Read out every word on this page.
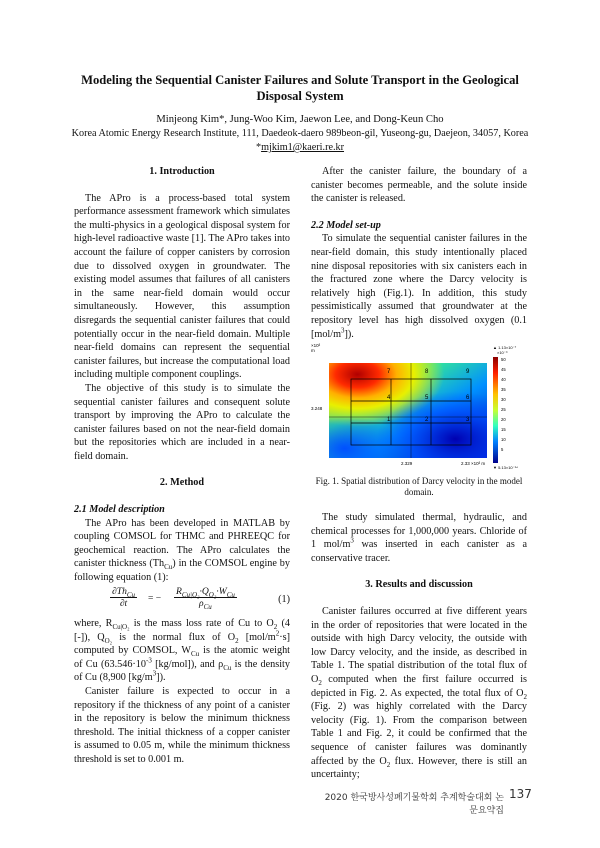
Modeling the Sequential Canister Failures and Solute Transport in the Geological Disposal System
Minjeong Kim*, Jung-Woo Kim, Jaewon Lee, and Dong-Keun Cho
Korea Atomic Energy Research Institute, 111, Daedeok-daero 989beon-gil, Yuseong-gu, Daejeon, 34057, Korea
*mjkim1@kaeri.re.kr
1. Introduction

The APro is a process-based total system performance assessment framework which simulates the multi-physics in a geological disposal system for high-level radioactive waste [1]. The APro takes into account the failure of copper canisters by corrosion due to dissolved oxygen in groundwater. The existing model assumes that failures of all canisters in the same near-field domain would occur simultaneously. However, this assumption disregards the sequential canister failures that could potentially occur in the near-field domain. Multiple near-field domains can represent the sequential canister failures, but increase the computational load including multiple component couplings.

The objective of this study is to simulate the sequential canister failures and consequent solute transport by improving the APro to calculate the canister failures based on not the near-field domain but the repositories which are included in a near-field domain.

2. Method
2.1 Model description

The APro has been developed in MATLAB by coupling COMSOL for THMC and PHREEQC for geochemical reaction. The APro calculates the canister thickness $(Th_{Cu})$ in the COMSOL engine by following equation (1):

$\partial Th_{Cu}$
∂t = −
$R_{Cu|O_2}\cdot Q_{O_2}\cdot W_{Cu}$
$\rho_{Cu}$
(1)

where, $R_{Cu|O_2}$ is the mass loss rate of Cu to $O_2$ (4 [-]), $Q_{O_2}$ is the normal flux of $O_2$ $[mol/m^2\cdot s]$ computed by COMSOL, $W_{Cu}$ is the atomic weight of Cu ($63.546\cdot 10^{-3}$ [kg/mol]), and $\rho_{Cu}$ is the density of Cu (8,900 $[kg/m^3]$).

Canister failure is expected to occur in a repository if the thickness of any point of a canister in the repository is below the minimum thickness threshold. The initial thickness of a copper canister is assumed to 0.05 m, while the minimum thickness threshold is set to 0.001 m.

After the canister failure, the boundary of a canister becomes permeable, and the solute inside the canister is released.

2.2 Model set-up

To simulate the sequential canister failures in the near-field domain, this study intentionally placed nine disposal repositories with six canisters each in the fractured zone where the Darcy velocity is relatively high (Fig.1). In addition, this study pessimistically assumed that groundwater at the repository level has high dissolved oxygen (0.1 $[mol/m^3]$).

×10³
m
7	8	9
4	5	6
1	2	3
3.248
2.329	2.33 ×10³ m
▲ 1.13×10⁻⁷
×10⁻⁹
50
45
40
35
30
25
20
15
10
5
▼ 5.13×10⁻¹⁴
Fig. 1. Spatial distribution of Darcy velocity in the model domain.

The study simulated thermal, hydraulic, and chemical processes for 1,000,000 years. Chloride of 1 mol/$m^3$ was inserted in each canister as a conservative tracer.

3. Results and discussion

Canister failures occurred at five different years in the order of repositories that were located in the outside with high Darcy velocity, the outside with low Darcy velocity, and the inside, as described in Table 1. The spatial distribution of the total flux of $O_2$ computed when the first failure occurred is depicted in Fig. 2. As expected, the total flux of $O_2$ (Fig. 2) was highly correlated with the Darcy velocity (Fig. 1). From the comparison between Table 1 and Fig. 2, it could be confirmed that the sequence of canister failures was dominantly affected by the $O_2$ flux. However, there is still an uncertainty;

2020 한국방사성폐기물학회 추계학술대회 논문요약집
137
